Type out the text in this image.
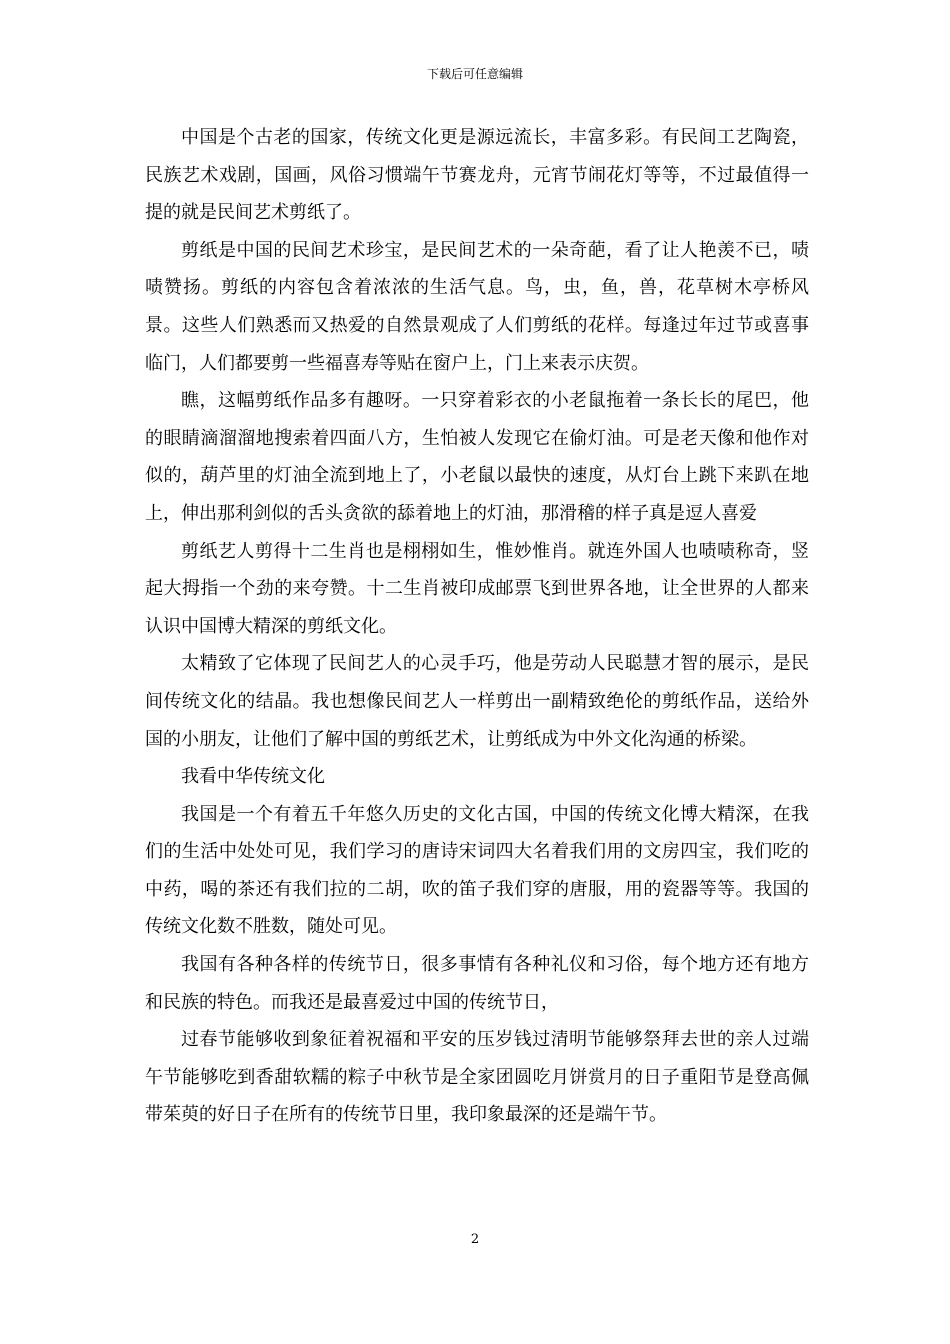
下载后可任意编辑

中国是个古老的国家，传统文化更是源远流长，丰富多彩。有民间工艺陶瓷，民族艺术戏剧，国画，风俗习惯端午节赛龙舟，元宵节闹花灯等等，不过最值得一提的就是民间艺术剪纸了。

剪纸是中国的民间艺术珍宝，是民间艺术的一朵奇葩，看了让人艳羡不已，啧啧赞扬。剪纸的内容包含着浓浓的生活气息。鸟，虫，鱼，兽，花草树木亭桥风景。这些人们熟悉而又热爱的自然景观成了人们剪纸的花样。每逢过年过节或喜事临门，人们都要剪一些福喜寿等贴在窗户上，门上来表示庆贺。

瞧，这幅剪纸作品多有趣呀。一只穿着彩衣的小老鼠拖着一条长长的尾巴，他的眼睛滴溜溜地搜索着四面八方，生怕被人发现它在偷灯油。可是老天像和他作对似的，葫芦里的灯油全流到地上了，小老鼠以最快的速度，从灯台上跳下来趴在地上，伸出那利剑似的舌头贪欲的舔着地上的灯油，那滑稽的样子真是逗人喜爱

剪纸艺人剪得十二生肖也是栩栩如生，惟妙惟肖。就连外国人也啧啧称奇，竖起大拇指一个劲的来夸赞。十二生肖被印成邮票飞到世界各地，让全世界的人都来认识中国博大精深的剪纸文化。

太精致了它体现了民间艺人的心灵手巧，他是劳动人民聪慧才智的展示，是民间传统文化的结晶。我也想像民间艺人一样剪出一副精致绝伦的剪纸作品，送给外国的小朋友，让他们了解中国的剪纸艺术，让剪纸成为中外文化沟通的桥梁。

我看中华传统文化

我国是一个有着五千年悠久历史的文化古国，中国的传统文化博大精深，在我们的生活中处处可见，我们学习的唐诗宋词四大名着我们用的文房四宝，我们吃的中药，喝的茶还有我们拉的二胡，吹的笛子我们穿的唐服，用的瓷器等等。我国的传统文化数不胜数，随处可见。

我国有各种各样的传统节日，很多事情有各种礼仪和习俗，每个地方还有地方和民族的特色。而我还是最喜爱过中国的传统节日，

过春节能够收到象征着祝福和平安的压岁钱过清明节能够祭拜去世的亲人过端午节能够吃到香甜软糯的粽子中秋节是全家团圆吃月饼赏月的日子重阳节是登高佩带茱萸的好日子在所有的传统节日里，我印象最深的还是端午节。

2
